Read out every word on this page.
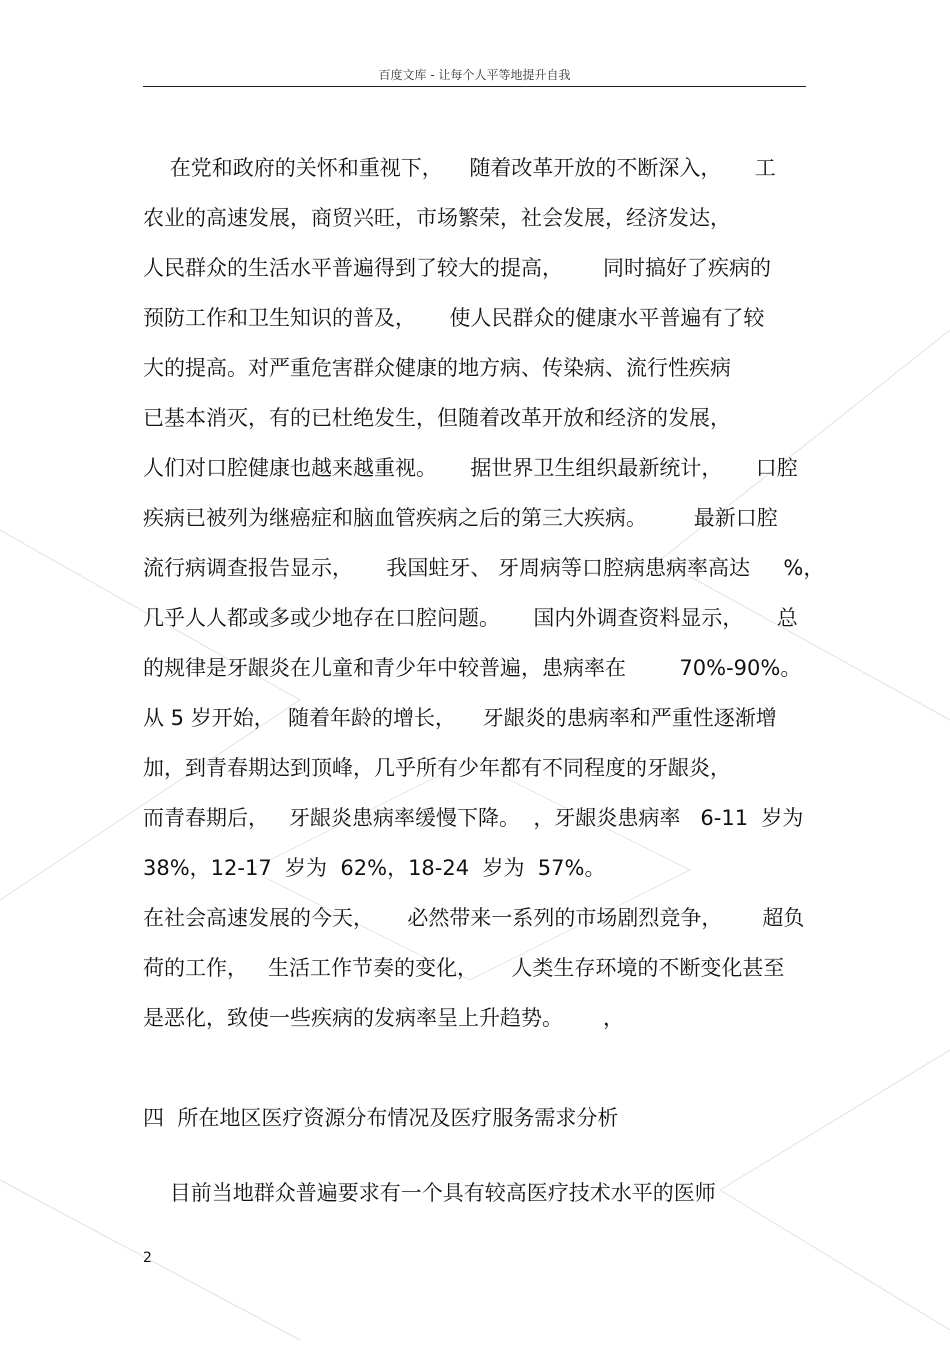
百度文库 - 让每个人平等地提升自我
在党和政府的关怀和重视下，    随着改革开放的不断深入，     工
农业的高速发展，商贸兴旺，市场繁荣，社会发展，经济发达，
人民群众的生活水平普遍得到了较大的提高，      同时搞好了疾病的
预防工作和卫生知识的普及，     使人民群众的健康水平普遍有了较
大的提高。对严重危害群众健康的地方病、传染病、流行性疾病
已基本消灭，有的已杜绝发生，但随着改革开放和经济的发展，
人们对口腔健康也越来越重视。     据世界卫生组织最新统计，     口腔
疾病已被列为继癌症和脑血管疾病之后的第三大疾病。       最新口腔
流行病调查报告显示，     我国蛀牙、 牙周病等口腔病患病率高达     %，
几乎人人都或多或少地存在口腔问题。     国内外调查资料显示，     总
的规律是牙龈炎在儿童和青少年中较普遍，患病率在        70%-90%。
从 5 岁开始，  随着年龄的增长，    牙龈炎的患病率和严重性逐渐增
加，到青春期达到顶峰，几乎所有少年都有不同程度的牙龈炎，
而青春期后，   牙龈炎患病率缓慢下降。  ，牙龈炎患病率   6-11  岁为
38%，12-17  岁为  62%，18-24  岁为  57%。
在社会高速发展的今天，     必然带来一系列的市场剧烈竞争，      超负
荷的工作，   生活工作节奏的变化，     人类生存环境的不断变化甚至
是恶化，致使一些疾病的发病率呈上升趋势。      ，
四  所在地区医疗资源分布情况及医疗服务需求分析
目前当地群众普遍要求有一个具有较高医疗技术水平的医师
2
